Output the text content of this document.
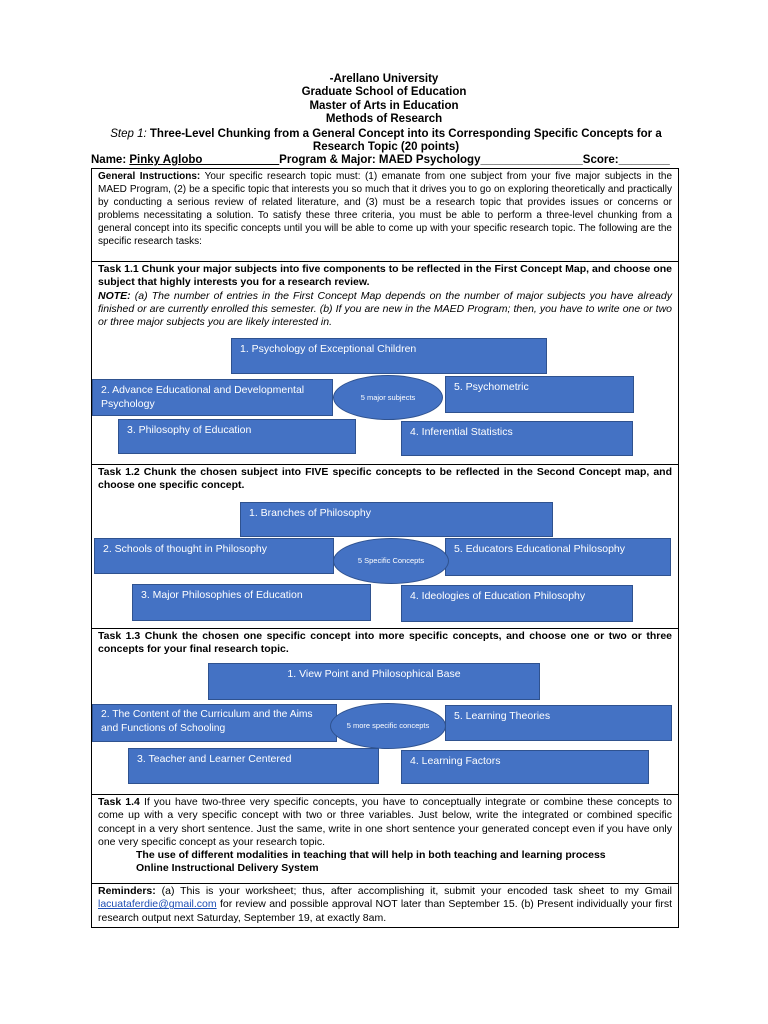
-Arellano University
Graduate School of Education
Master of Arts in Education
Methods of Research
Step 1: Three-Level Chunking from a General Concept into its Corresponding Specific Concepts for a Research Topic (20 points)
Name: Pinky Aglobo____________Program & Major: MAED Psychology________________Score:________
General Instructions: Your specific research topic must: (1) emanate from one subject from your five major subjects in the MAED Program, (2) be a specific topic that interests you so much that it drives you to go on exploring theoretically and practically by conducting a serious review of related literature, and (3) must be a research topic that provides issues or concerns or problems necessitating a solution. To satisfy these three criteria, you must be able to perform a three-level chunking from a general concept into its specific concepts until you will be able to come up with your specific research topic. The following are the specific research tasks:
Task 1.1 Chunk your major subjects into five components to be reflected in the First Concept Map, and choose one subject that highly interests you for a research review.
NOTE: (a) The number of entries in the First Concept Map depends on the number of major subjects you have already finished or are currently enrolled this semester. (b) If you are new in the MAED Program; then, you have to write one or two or three major subjects you are likely interested in.
Task 1.2 Chunk the chosen subject into FIVE specific concepts to be reflected in the Second Concept map, and choose one specific concept.
Task 1.3 Chunk the chosen one specific concept into more specific concepts, and choose one or two or three concepts for your final research topic.
Task 1.4 If you have two-three very specific concepts, you have to conceptually integrate or combine these concepts to come up with a very specific concept with two or three variables. Just below, write the integrated or combined specific concept in a very short sentence. Just the same, write in one short sentence your generated concept even if you have only one very specific concept as your research topic.
The use of different modalities in teaching that will help in both teaching and learning process
Online Instructional Delivery System
Reminders: (a) This is your worksheet; thus, after accomplishing it, submit your encoded task sheet to my Gmail lacuataferdie@gmail.com for review and possible approval NOT later than September 15. (b) Present individually your first research output next Saturday, September 19, at exactly 8am.
1. Psychology of Exceptional Children
2. Advance Educational and Developmental Psychology
5. Psychometric
3. Philosophy of Education	4. Inferential Statistics
5 major subjects
1. Branches of Philosophy
2. Schools of thought in Philosophy	5. Educators Educational Philosophy
3. Major Philosophies of Education	4. Ideologies of Education Philosophy
5 Specific Concepts
1. View Point and Philosophical Base
2. The Content of the Curriculum and the Aims and Functions of Schooling
5. Learning Theories
3. Teacher and Learner Centered	4. Learning Factors
5 more specific concepts
